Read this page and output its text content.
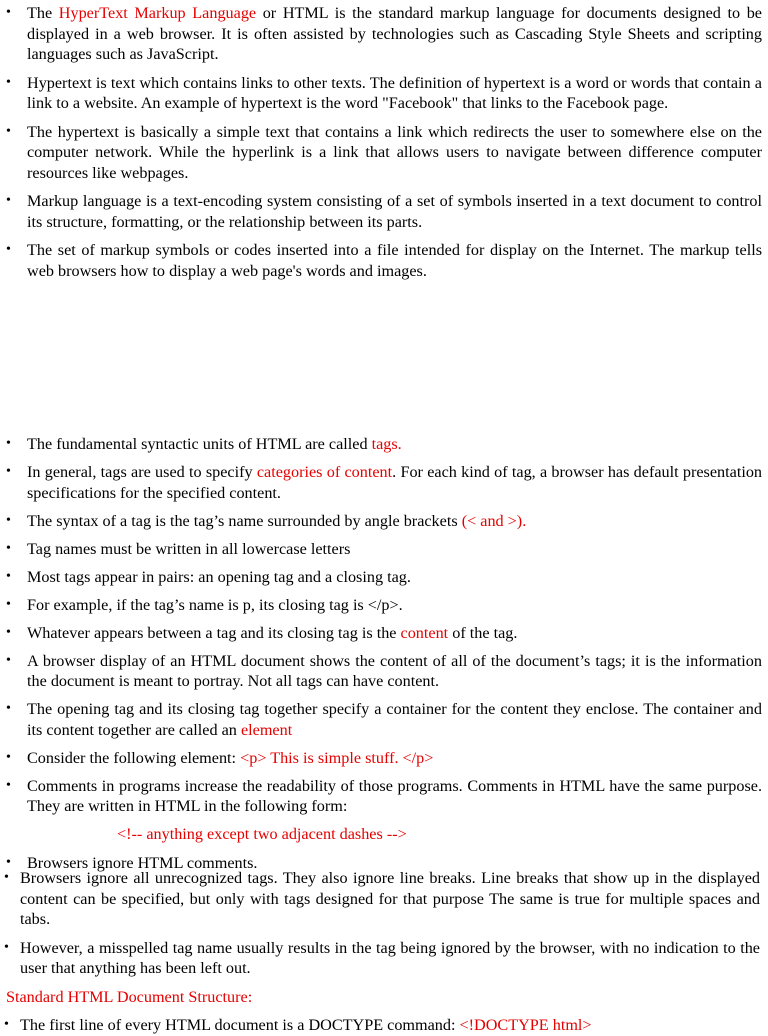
• The HyperText Markup Language or HTML is the standard markup language for documents designed to be displayed in a web browser. It is often assisted by technologies such as Cascading Style Sheets and scripting languages such as JavaScript.
• Hypertext is text which contains links to other texts. The definition of hypertext is a word or words that contain a link to a website. An example of hypertext is the word "Facebook" that links to the Facebook page.
• The hypertext is basically a simple text that contains a link which redirects the user to somewhere else on the computer network. While the hyperlink is a link that allows users to navigate between difference computer resources like webpages.
• Markup language is a text-encoding system consisting of a set of symbols inserted in a text document to control its structure, formatting, or the relationship between its parts.
• The set of markup symbols or codes inserted into a file intended for display on the Internet. The markup tells web browsers how to display a web page's words and images.
• The fundamental syntactic units of HTML are called tags.
• In general, tags are used to specify categories of content. For each kind of tag, a browser has default presentation specifications for the specified content.
• The syntax of a tag is the tag’s name surrounded by angle brackets (< and >).
• Tag names must be written in all lowercase letters
• Most tags appear in pairs: an opening tag and a closing tag.
• For example, if the tag’s name is p, its closing tag is </p>.
• Whatever appears between a tag and its closing tag is the content of the tag.
• A browser display of an HTML document shows the content of all of the document’s tags; it is the information the document is meant to portray. Not all tags can have content.
• The opening tag and its closing tag together specify a container for the content they enclose. The container and its content together are called an element
• Consider the following element: <p> This is simple stuff. </p>
• Comments in programs increase the readability of those programs. Comments in HTML have the same purpose. They are written in HTML in the following form:
<!-- anything except two adjacent dashes -->
• Browsers ignore HTML comments.
• Browsers ignore all unrecognized tags. They also ignore line breaks. Line breaks that show up in the displayed content can be specified, but only with tags designed for that purpose The same is true for multiple spaces and tabs.
• However, a misspelled tag name usually results in the tag being ignored by the browser, with no indication to the user that anything has been left out.
Standard HTML Document Structure:
• The first line of every HTML document is a DOCTYPE command: <!DOCTYPE html>
